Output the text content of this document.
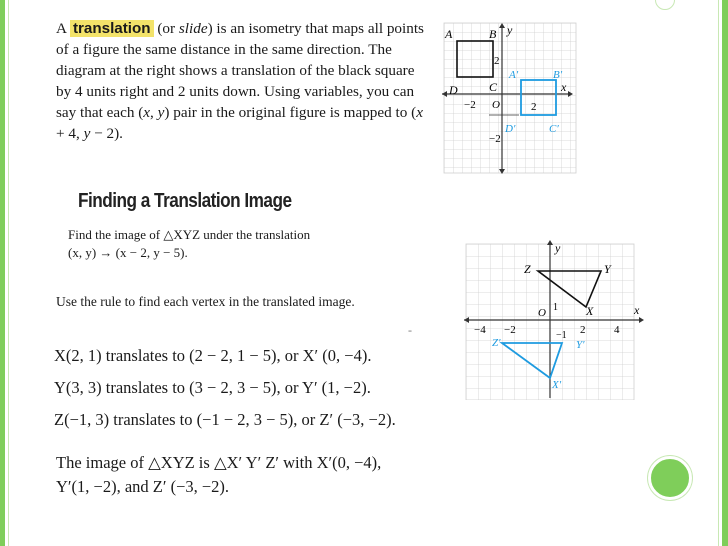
A translation (or slide) is an isometry that maps all points of a figure the same distance in the same direction. The diagram at the right shows a translation of the black square by 4 units right and 2 units down. Using variables, you can say that each (x, y) pair in the original figure is mapped to (x + 4, y − 2).
y
x
A	B
C
D
A′	B′
C′
D′
2
O
−2	2
−2
Finding a Translation Image
Find the image of △XYZ under the translation
(x, y) → (x − 2, y − 5).
Use the rule to find each vertex in the translated image.
-
y
x
Z	Y
X
O 1
−1
−4 −2	2	4
Z′	Y′
X′
X(2, 1) translates to (2 − 2, 1 − 5), or X′ (0, −4).
Y(3, 3) translates to (3 − 2, 3 − 5), or Y′ (1, −2).
Z(−1, 3) translates to (−1 − 2, 3 − 5), or Z′ (−3, −2).
The image of △XYZ is △X′ Y′ Z′ with X′(0, −4),
Y′(1, −2), and Z′ (−3, −2).
